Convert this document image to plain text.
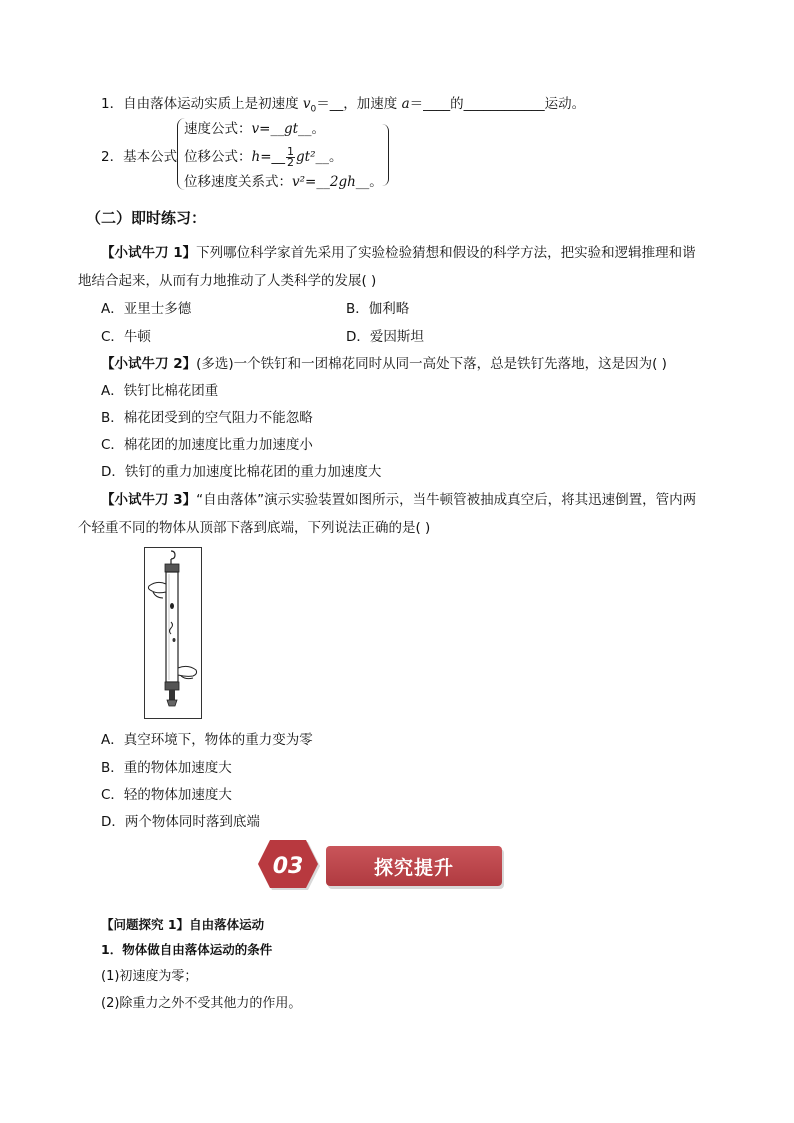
1．自由落体运动实质上是初速度 $v_0=\_\_$，加速度 a＝____的____________运动。
2．基本公式
速度公式：v=__gt__。
位移公式：h=__ $\frac{1}{2}$ gt²__。
位移速度关系式：v²=__2gh__。
（二）即时练习：
【小试牛刀 1】下列哪位科学家首先采用了实验检验猜想和假设的科学方法，把实验和逻辑推理和谐
地结合起来，从而有力地推动了人类科学的发展( )
A．亚里士多德	B．伽利略
C．牛顿	D．爱因斯坦
【小试牛刀 2】(多选)一个铁钉和一团棉花同时从同一高处下落，总是铁钉先落地，这是因为( )
A．铁钉比棉花团重
B．棉花团受到的空气阻力不能忽略
C．棉花团的加速度比重力加速度小
D．铁钉的重力加速度比棉花团的重力加速度大
【小试牛刀 3】“自由落体”演示实验装置如图所示，当牛顿管被抽成真空后，将其迅速倒置，管内两
个轻重不同的物体从顶部下落到底端，下列说法正确的是( )
A．真空环境下，物体的重力变为零
B．重的物体加速度大
C．轻的物体加速度大
D．两个物体同时落到底端
03	探究提升
【问题探究 1】自由落体运动
1．物体做自由落体运动的条件
(1)初速度为零；
(2)除重力之外不受其他力的作用。
